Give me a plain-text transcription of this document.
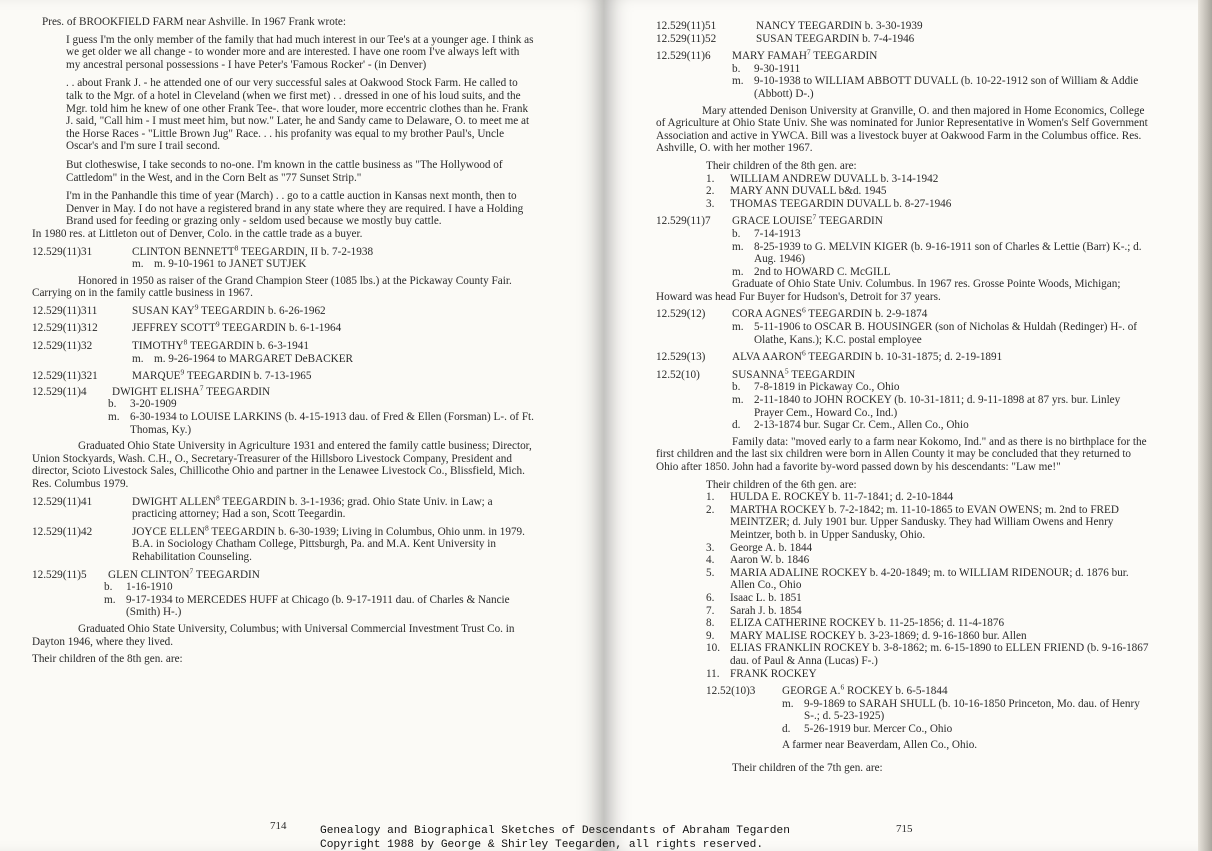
Pres. of BROOKFIELD FARM near Ashville. In 1967 Frank wrote:

I guess I'm the only member of the family that had much interest in our Tee's at a younger age. I think as we get older we all change - to wonder more and are interested. I have one room I've always left with my ancestral personal possessions - I have Peter's 'Famous Rocker' - (in Denver)

. . about Frank J. - he attended one of our very successful sales at Oakwood Stock Farm. He called to talk to the Mgr. of a hotel in Cleveland (when we first met) . . dressed in one of his loud suits, and the Mgr. told him he knew of one other Frank Tee-. that wore louder, more eccentric clothes than he. Frank J. said, "Call him - I must meet him, but now." Later, he and Sandy came to Delaware, O. to meet me at the Horse Races - "Little Brown Jug" Race. . . his profanity was equal to my brother Paul's, Uncle Oscar's and I'm sure I trail second.

But clotheswise, I take seconds to no-one. I'm known in the cattle business as "The Hollywood of Cattledom" in the West, and in the Corn Belt as "77 Sunset Strip."

I'm in the Panhandle this time of year (March) . . go to a cattle auction in Kansas next month, then to Denver in May. I do not have a registered brand in any state where they are required. I have a Holding Brand used for feeding or grazing only - seldom used because we mostly buy cattle.

In 1980 res. at Littleton out of Denver, Colo. in the cattle trade as a buyer.

12.529(11)31	CLINTON BENNETT$^8$ TEEGARDIN, II b. 7-2-1938
m. m. 9-10-1961 to JANET SUTJEK

Honored in 1950 as raiser of the Grand Champion Steer (1085 lbs.) at the Pickaway County Fair. Carrying on in the family cattle business in 1967.

12.529(11)311	SUSAN KAY$^9$ TEEGARDIN b. 6-26-1962
12.529(11)312	JEFFREY SCOTT$^9$ TEEGARDIN b. 6-1-1964
12.529(11)32	TIMOTHY$^8$ TEEGARDIN b. 6-3-1941
m. m. 9-26-1964 to MARGARET DeBACKER
12.529(11)321	MARQUE$^9$ TEEGARDIN b. 7-13-1965
12.529(11)4	DWIGHT ELISHA$^7$ TEEGARDIN
b.	3-20-1909
m. 6-30-1934 to LOUISE LARKINS (b. 4-15-1913 dau. of Fred & Ellen (Forsman) L-. of Ft. Thomas, Ky.)

Graduated Ohio State University in Agriculture 1931 and entered the family cattle business; Director, Union Stockyards, Wash. C.H., O., Secretary-Treasurer of the Hillsboro Livestock Company, President and director, Scioto Livestock Sales, Chillicothe Ohio and partner in the Lenawee Livestock Co., Blissfield, Mich. Res. Columbus 1979.

12.529(11)41	DWIGHT ALLEN$^8$ TEEGARDIN b. 3-1-1936; grad. Ohio State Univ. in Law; a practicing attorney; Had a son, Scott Teegardin.
12.529(11)42	JOYCE ELLEN$^8$ TEEGARDIN b. 6-30-1939; Living in Columbus, Ohio unm. in 1979. B.A. in Sociology Chatham College, Pittsburgh, Pa. and M.A. Kent University in Rehabilitation Counseling.
12.529(11)5	GLEN CLINTON$^7$ TEEGARDIN
b.	1-16-1910
m. 9-17-1934 to MERCEDES HUFF at Chicago (b. 9-17-1911 dau. of Charles & Nancie (Smith) H-.)

Graduated Ohio State University, Columbus; with Universal Commercial Investment Trust Co. in Dayton 1946, where they lived.

Their children of the 8th gen. are:

714
12.529(11)51	NANCY TEEGARDIN b. 3-30-1939
12.529(11)52	SUSAN TEEGARDIN b. 7-4-1946
12.529(11)6	MARY FAMAH$^7$ TEEGARDIN
b.	9-30-1911
m. 9-10-1938 to WILLIAM ABBOTT DUVALL (b. 10-22-1912 son of William & Addie (Abbott) D-.)

Mary attended Denison University at Granville, O. and then majored in Home Economics, College of Agriculture at Ohio State Univ. She was nominated for Junior Representative in Women's Self Government Association and active in YWCA. Bill was a livestock buyer at Oakwood Farm in the Columbus office. Res. Ashville, O. with her mother 1967.

Their children of the 8th gen. are:

1.	WILLIAM ANDREW DUVALL b. 3-14-1942
2.	MARY ANN DUVALL b&d. 1945
3.	THOMAS TEEGARDIN DUVALL b. 8-27-1946
12.529(11)7	GRACE LOUISE$^7$ TEEGARDIN
b.	7-14-1913
m. 8-25-1939 to G. MELVIN KIGER (b. 9-16-1911 son of Charles & Lettie (Barr) K-.; d. Aug. 1946)
m. 2nd to HOWARD C. McGILL

Graduate of Ohio State Univ. Columbus. In 1967 res. Grosse Pointe Woods, Michigan; Howard was head Fur Buyer for Hudson's, Detroit for 37 years.

12.529(12)	CORA AGNES$^6$ TEEGARDIN b. 2-9-1874
m. 5-11-1906 to OSCAR B. HOUSINGER (son of Nicholas & Huldah (Redinger) H-. of Olathe, Kans.); K.C. postal employee
12.529(13)	ALVA AARON$^6$ TEEGARDIN b. 10-31-1875; d. 2-19-1891
12.52(10)	SUSANNA$^5$ TEEGARDIN
b.	7-8-1819 in Pickaway Co., Ohio
m. 2-11-1840 to JOHN ROCKEY (b. 10-31-1811; d. 9-11-1898 at 87 yrs. bur. Linley Prayer Cem., Howard Co., Ind.)
d.	2-13-1874 bur. Sugar Cr. Cem., Allen Co., Ohio

Family data: "moved early to a farm near Kokomo, Ind." and as there is no birthplace for the first children and the last six children were born in Allen County it may be concluded that they returned to Ohio after 1850. John had a favorite by-word passed down by his descendants: "Law me!"

Their children of the 6th gen. are:

1.	HULDA E. ROCKEY b. 11-7-1841; d. 2-10-1844
2.	MARTHA ROCKEY b. 7-2-1842; m. 11-10-1865 to EVAN OWENS; m. 2nd to FRED MEINTZER; d. July 1901 bur. Upper Sandusky. They had William Owens and Henry Meintzer, both b. in Upper Sandusky, Ohio.
3.	George A. b. 1844
4.	Aaron W. b. 1846
5.	MARIA ADALINE ROCKEY b. 4-20-1849; m. to WILLIAM RIDENOUR; d. 1876 bur. Allen Co., Ohio
6.	Isaac L. b. 1851
7.	Sarah J. b. 1854
8.	ELIZA CATHERINE ROCKEY b. 11-25-1856; d. 11-4-1876
9.	MARY MALISE ROCKEY b. 3-23-1869; d. 9-16-1860 bur. Allen
10. ELIAS FRANKLIN ROCKEY b. 3-8-1862; m. 6-15-1890 to ELLEN FRIEND (b. 9-16-1867 dau. of Paul & Anna (Lucas) F-.)
11. FRANK ROCKEY
12.52(10)3	GEORGE A.$^6$ ROCKEY b. 6-5-1844
m. 9-9-1869 to SARAH SHULL (b. 10-16-1850 Princeton, Mo. dau. of Henry S-.; d. 5-23-1925)
d.	5-26-1919 bur. Mercer Co., Ohio

A farmer near Beaverdam, Allen Co., Ohio.

Their children of the 7th gen. are:

715
Genealogy and Biographical Sketches of Descendants of Abraham Tegarden
Copyright 1988 by George & Shirley Teegarden, all rights reserved.
